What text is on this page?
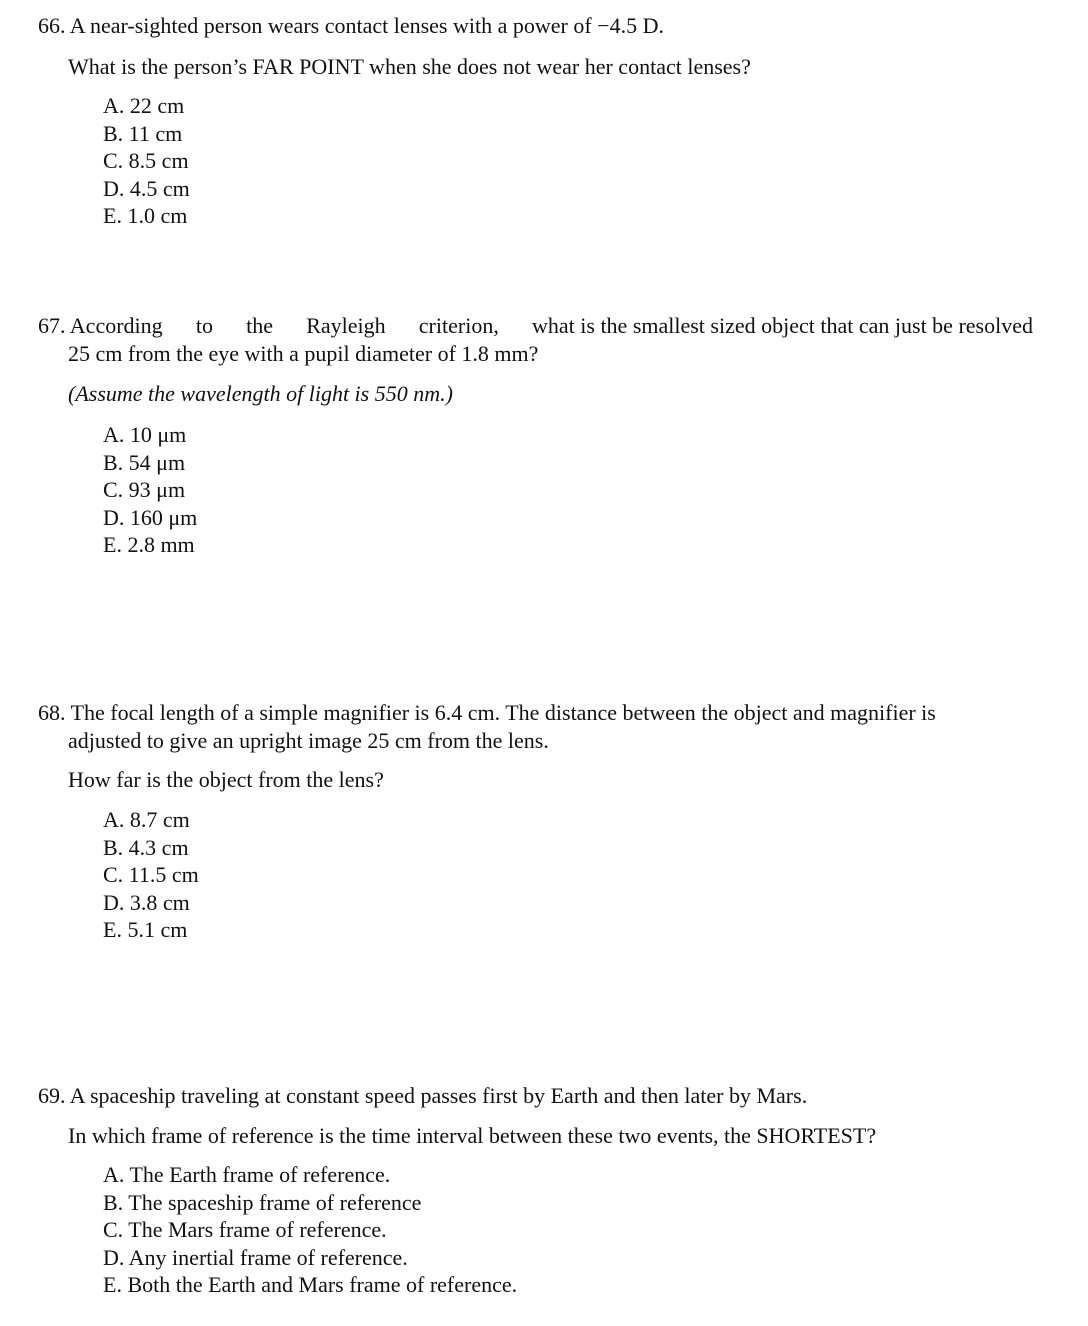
66. A near-sighted person wears contact lenses with a power of −4.5 D.
What is the person’s FAR POINT when she does not wear her contact lenses?
A. 22 cm
B. 11 cm
C. 8.5 cm
D. 4.5 cm
E. 1.0 cm
67. According to the Rayleigh criterion, what is the smallest sized object that can just be resolved
25 cm from the eye with a pupil diameter of 1.8 mm?
(Assume the wavelength of light is 550 nm.)
A. 10 μm
B. 54 μm
C. 93 μm
D. 160 μm
E. 2.8 mm
68. The focal length of a simple magnifier is 6.4 cm. The distance between the object and magnifier is
adjusted to give an upright image 25 cm from the lens.
How far is the object from the lens?
A. 8.7 cm
B. 4.3 cm
C. 11.5 cm
D. 3.8 cm
E. 5.1 cm
69. A spaceship traveling at constant speed passes first by Earth and then later by Mars.
In which frame of reference is the time interval between these two events, the SHORTEST?
A. The Earth frame of reference.
B. The spaceship frame of reference
C. The Mars frame of reference.
D. Any inertial frame of reference.
E. Both the Earth and Mars frame of reference.
